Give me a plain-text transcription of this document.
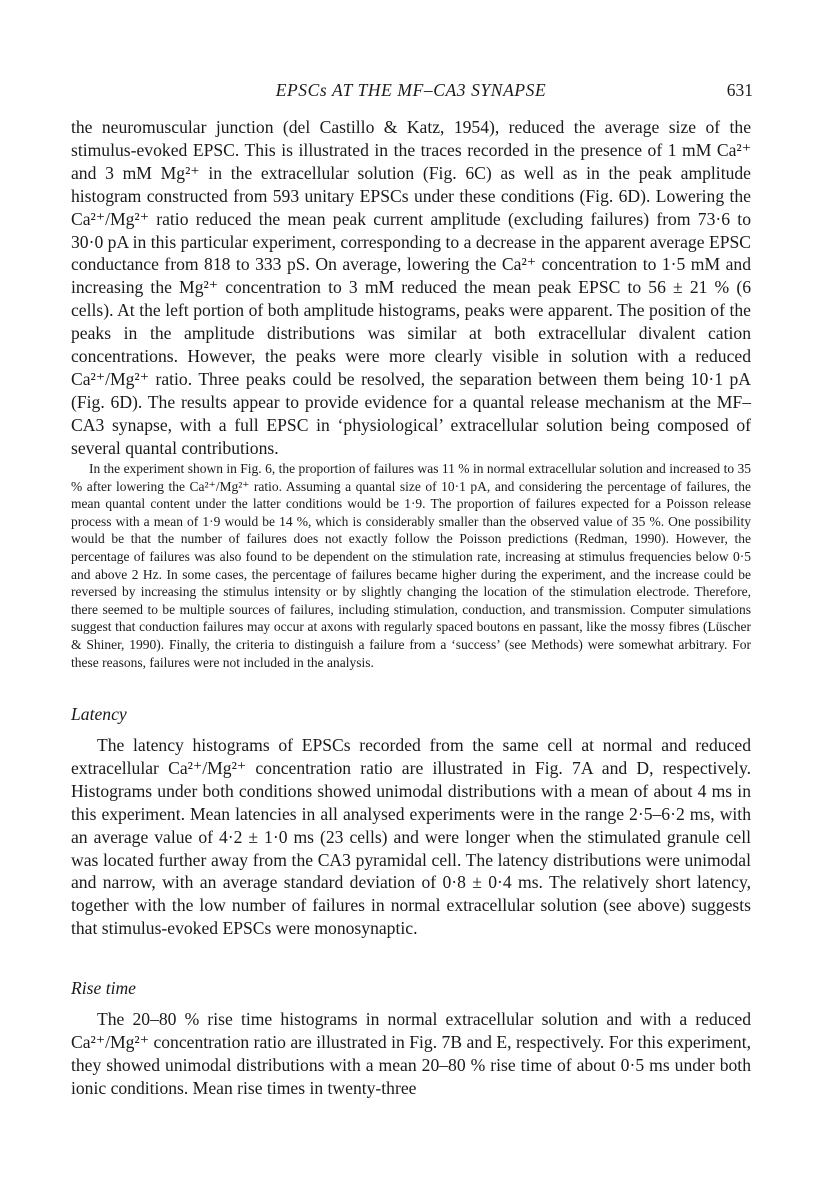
EPSCs AT THE MF–CA3 SYNAPSE	631

the neuromuscular junction (del Castillo & Katz, 1954), reduced the average size of the stimulus-evoked EPSC. This is illustrated in the traces recorded in the presence of 1 mM Ca²⁺ and 3 mM Mg²⁺ in the extracellular solution (Fig. 6C) as well as in the peak amplitude histogram constructed from 593 unitary EPSCs under these conditions (Fig. 6D). Lowering the Ca²⁺/Mg²⁺ ratio reduced the mean peak current amplitude (excluding failures) from 73·6 to 30·0 pA in this particular experiment, corresponding to a decrease in the apparent average EPSC conductance from 818 to 333 pS. On average, lowering the Ca²⁺ concentration to 1·5 mM and increasing the Mg²⁺ concentration to 3 mM reduced the mean peak EPSC to 56 ± 21 % (6 cells). At the left portion of both amplitude histograms, peaks were apparent. The position of the peaks in the amplitude distributions was similar at both extracellular divalent cation concentrations. However, the peaks were more clearly visible in solution with a reduced Ca²⁺/Mg²⁺ ratio. Three peaks could be resolved, the separation between them being 10·1 pA (Fig. 6D). The results appear to provide evidence for a quantal release mechanism at the MF–CA3 synapse, with a full EPSC in ‘physiological’ extracellular solution being composed of several quantal contributions.

In the experiment shown in Fig. 6, the proportion of failures was 11 % in normal extracellular solution and increased to 35 % after lowering the Ca²⁺/Mg²⁺ ratio. Assuming a quantal size of 10·1 pA, and considering the percentage of failures, the mean quantal content under the latter conditions would be 1·9. The proportion of failures expected for a Poisson release process with a mean of 1·9 would be 14 %, which is considerably smaller than the observed value of 35 %. One possibility would be that the number of failures does not exactly follow the Poisson predictions (Redman, 1990). However, the percentage of failures was also found to be dependent on the stimulation rate, increasing at stimulus frequencies below 0·5 and above 2 Hz. In some cases, the percentage of failures became higher during the experiment, and the increase could be reversed by increasing the stimulus intensity or by slightly changing the location of the stimulation electrode. Therefore, there seemed to be multiple sources of failures, including stimulation, conduction, and transmission. Computer simulations suggest that conduction failures may occur at axons with regularly spaced boutons en passant, like the mossy fibres (Lüscher & Shiner, 1990). Finally, the criteria to distinguish a failure from a ‘success’ (see Methods) were somewhat arbitrary. For these reasons, failures were not included in the analysis.

Latency

The latency histograms of EPSCs recorded from the same cell at normal and reduced extracellular Ca²⁺/Mg²⁺ concentration ratio are illustrated in Fig. 7A and D, respectively. Histograms under both conditions showed unimodal distributions with a mean of about 4 ms in this experiment. Mean latencies in all analysed experiments were in the range 2·5–6·2 ms, with an average value of 4·2 ± 1·0 ms (23 cells) and were longer when the stimulated granule cell was located further away from the CA3 pyramidal cell. The latency distributions were unimodal and narrow, with an average standard deviation of 0·8 ± 0·4 ms. The relatively short latency, together with the low number of failures in normal extracellular solution (see above) suggests that stimulus-evoked EPSCs were monosynaptic.

Rise time

The 20–80 % rise time histograms in normal extracellular solution and with a reduced Ca²⁺/Mg²⁺ concentration ratio are illustrated in Fig. 7B and E, respectively. For this experiment, they showed unimodal distributions with a mean 20–80 % rise time of about 0·5 ms under both ionic conditions. Mean rise times in twenty-three
